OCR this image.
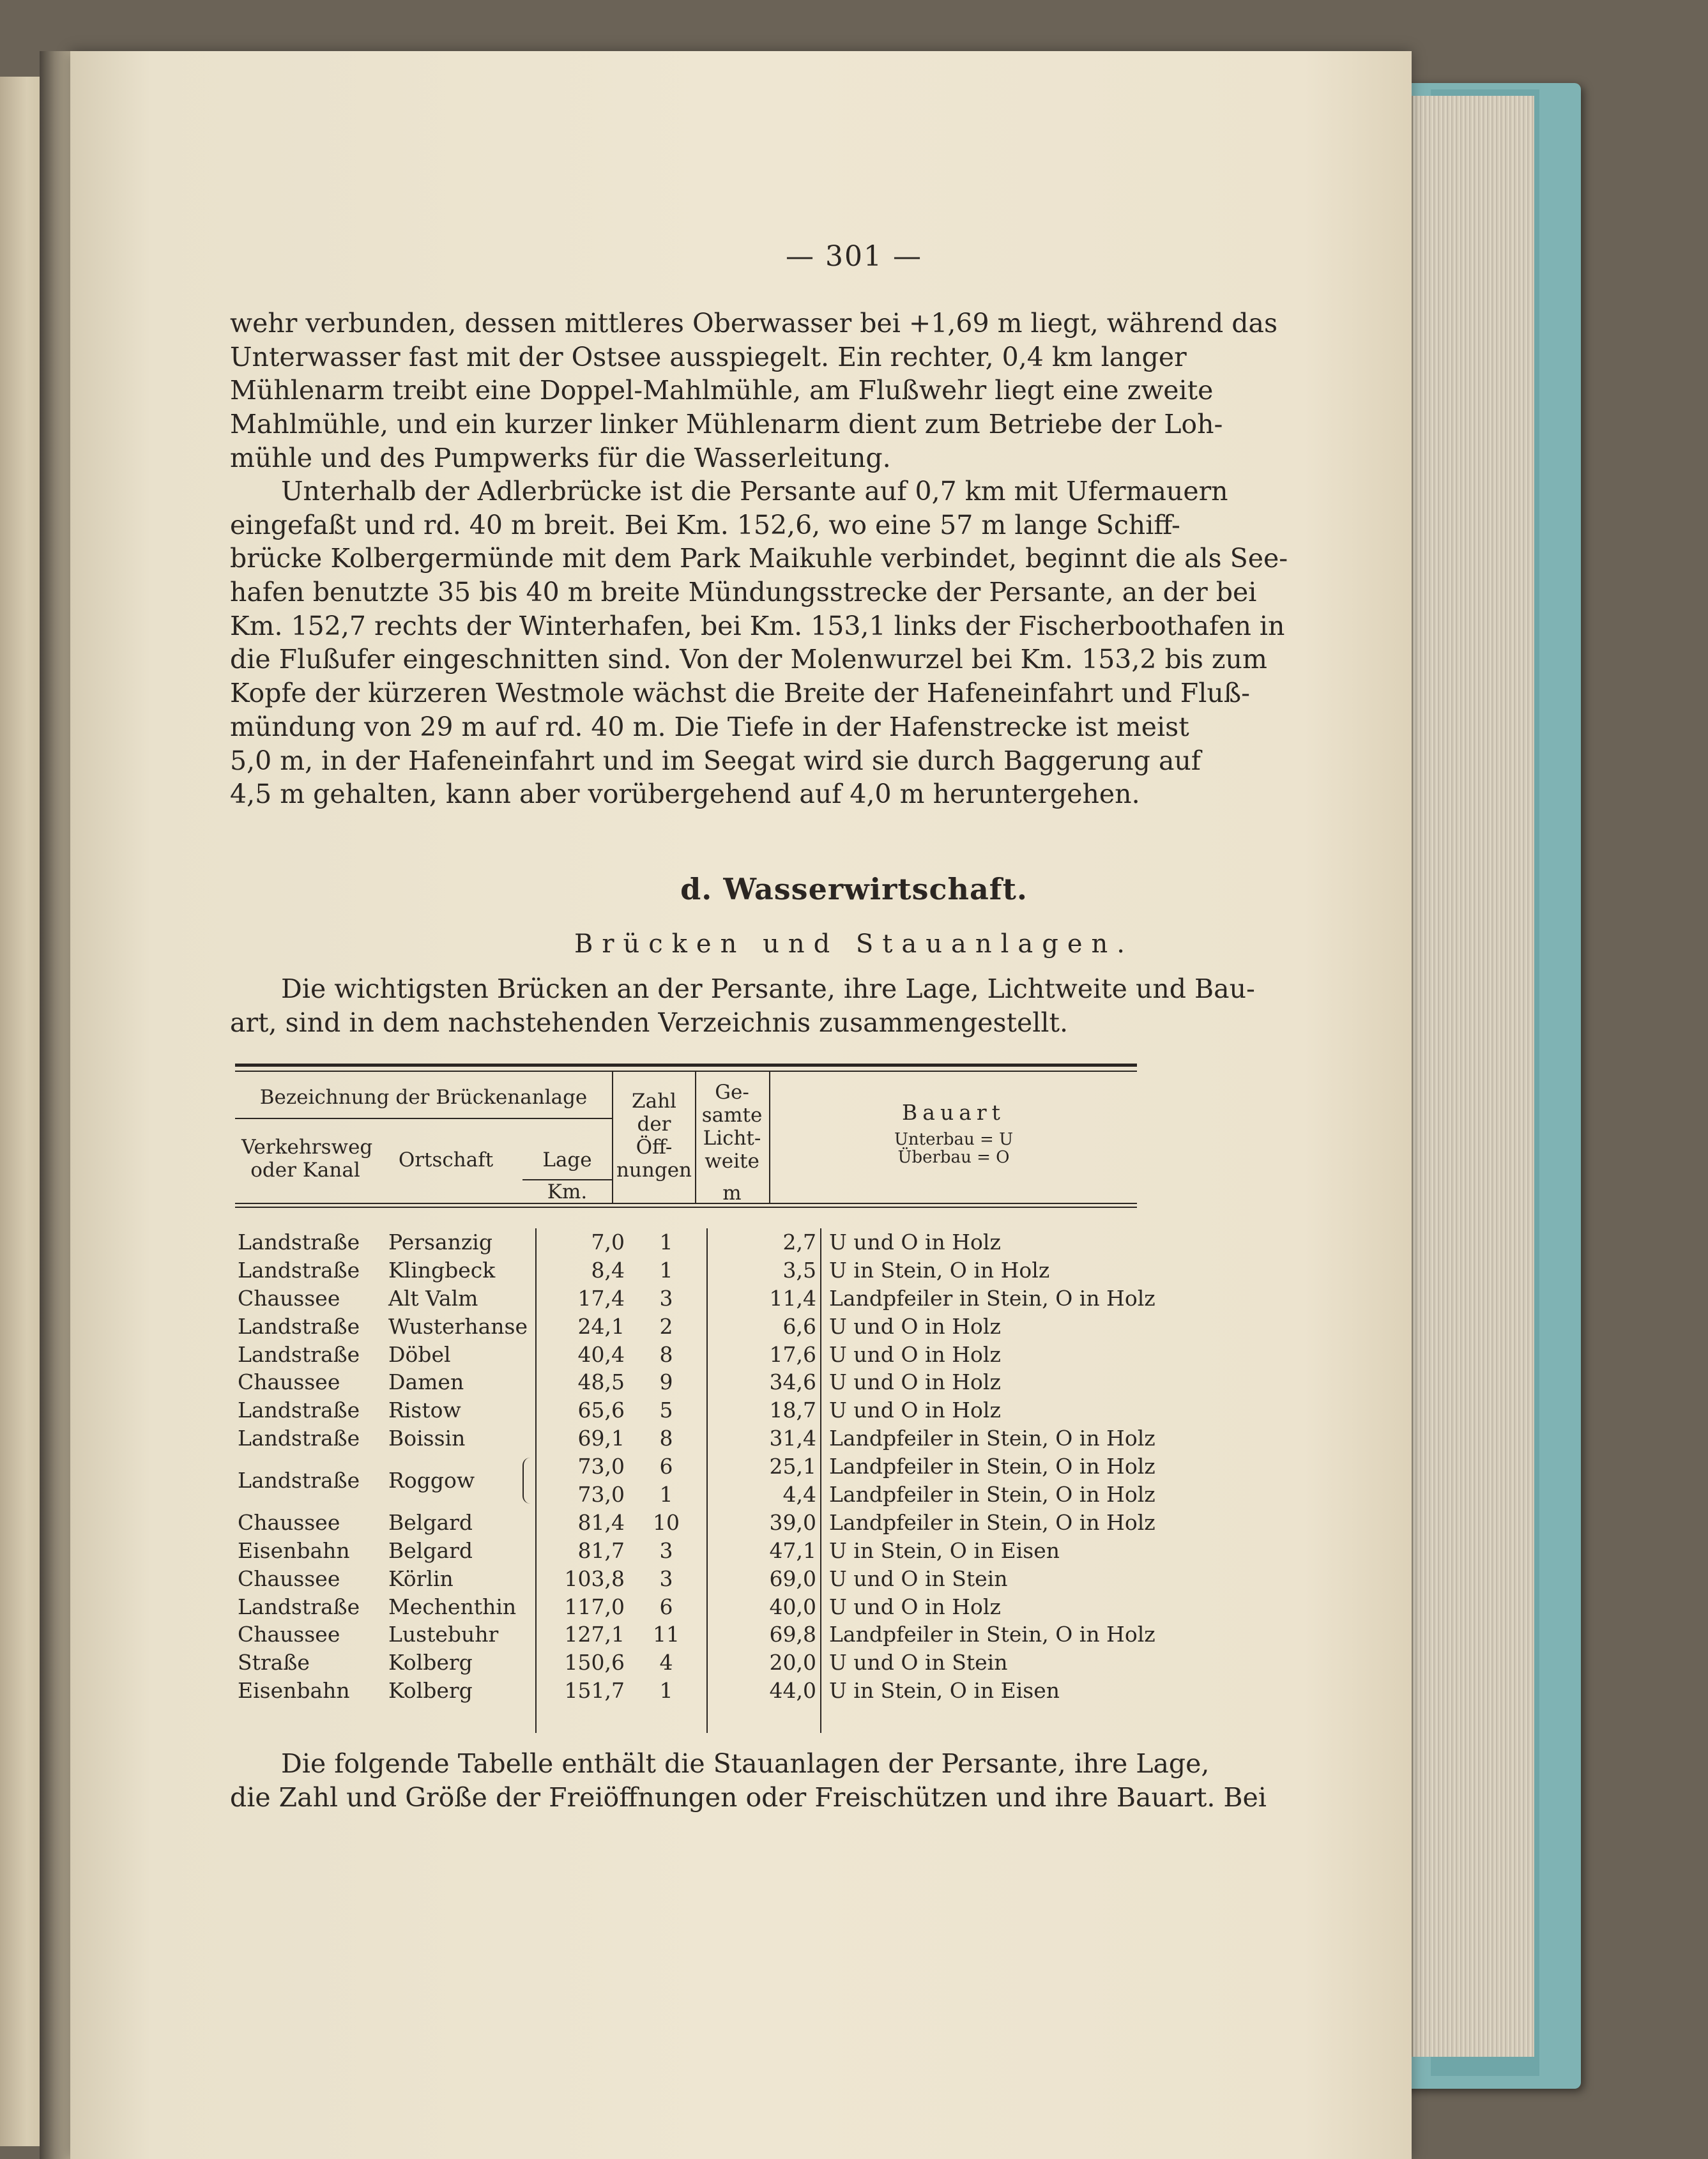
— 301 —
wehr verbunden, dessen mittleres Oberwasser bei +1,69 m liegt, während das
Unterwasser fast mit der Ostsee ausspiegelt. Ein rechter, 0,4 km langer
Mühlenarm treibt eine Doppel-Mahlmühle, am Flußwehr liegt eine zweite
Mahlmühle, und ein kurzer linker Mühlenarm dient zum Betriebe der Loh-
mühle und des Pumpwerks für die Wasserleitung.
Unterhalb der Adlerbrücke ist die Persante auf 0,7 km mit Ufermauern
eingefaßt und rd. 40 m breit. Bei Km. 152,6, wo eine 57 m lange Schiff-
brücke Kolbergermünde mit dem Park Maikuhle verbindet, beginnt die als See-
hafen benutzte 35 bis 40 m breite Mündungsstrecke der Persante, an der bei
Km. 152,7 rechts der Winterhafen, bei Km. 153,1 links der Fischerboothafen in
die Flußufer eingeschnitten sind. Von der Molenwurzel bei Km. 153,2 bis zum
Kopfe der kürzeren Westmole wächst die Breite der Hafeneinfahrt und Fluß-
mündung von 29 m auf rd. 40 m. Die Tiefe in der Hafenstrecke ist meist
5,0 m, in der Hafeneinfahrt und im Seegat wird sie durch Baggerung auf
4,5 m gehalten, kann aber vorübergehend auf 4,0 m heruntergehen.
d. Wasserwirtschaft.
Brücken und Stauanlagen.
Die wichtigsten Brücken an der Persante, ihre Lage, Lichtweite und Bau-
art, sind in dem nachstehenden Verzeichnis zusammengestellt.
Bezeichnung der Brückenanlage
Verkehrsweg oder Kanal	Ortschaft	Lage
Km.
Zahl der Öff- nungen
Ge- samte Licht- weite
m
Bauart
Unterbau = U
Überbau = O
Landstraße Persanzig	7,0	1	2,7 U und O in Holz
Landstraße Klingbeck	8,4	1	3,5 U in Stein, O in Holz
Chaussee	Alt Valm	17,4	3	11,4 Landpfeiler in Stein, O in Holz
Landstraße Wusterhanse	24,1	2	6,6 U und O in Holz
Landstraße Döbel	40,4	8	17,6 U und O in Holz
Chaussee	Damen	48,5	9	34,6 U und O in Holz
Landstraße Ristow	65,6	5	18,7 U und O in Holz
Landstraße Boissin	69,1	8	31,4 Landpfeiler in Stein, O in Holz
Landstraße Roggow
73,0	6	25,1 Landpfeiler in Stein, O in Holz
73,0	1	4,4 Landpfeiler in Stein, O in Holz
Chaussee	Belgard	81,4	10	39,0 Landpfeiler in Stein, O in Holz
Eisenbahn	Belgard	81,7	3	47,1 U in Stein, O in Eisen
Chaussee	Körlin	103,8	3	69,0 U und O in Stein
Landstraße Mechenthin	117,0	6	40,0 U und O in Holz
Chaussee	Lustebuhr	127,1	11	69,8 Landpfeiler in Stein, O in Holz
Straße	Kolberg	150,6	4	20,0 U und O in Stein
Eisenbahn	Kolberg	151,7	1	44,0 U in Stein, O in Eisen
Die folgende Tabelle enthält die Stauanlagen der Persante, ihre Lage,
die Zahl und Größe der Freiöffnungen oder Freischützen und ihre Bauart. Bei
